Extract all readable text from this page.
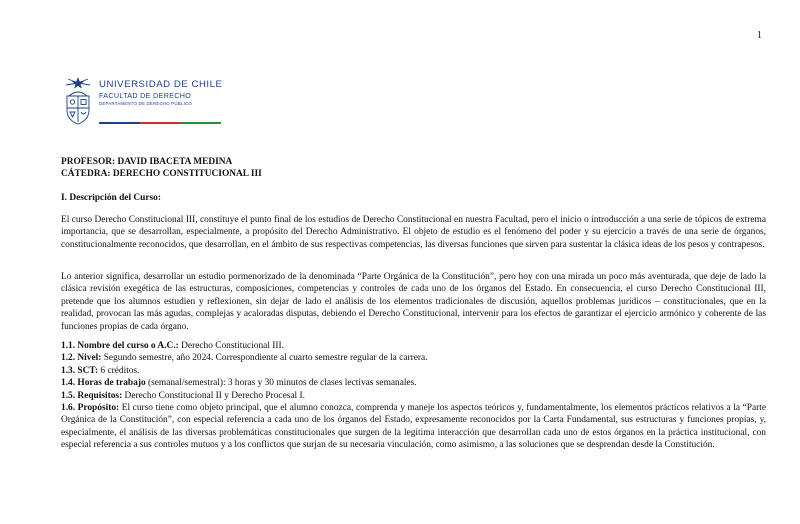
1
UNIVERSIDAD DE CHILE
FACULTAD DE DERECHO
DEPARTAMENTO DE DERECHO PÚBLICO
PROFESOR: DAVID IBACETA MEDINA
CÁTEDRA: DERECHO CONSTITUCIONAL III
I. Descripción del Curso:

El curso Derecho Constitucional III, constituye el punto final de los estudios de Derecho Constitucional en nuestra Facultad, pero el inicio o introducción a una serie de tópicos de extrema importancia, que se desarrollan, especialmente, a propósito del Derecho Administrativo. El objeto de estudio es el fenómeno del poder y su ejercicio a través de una serie de órganos, constitucionalmente reconocidos, que desarrollan, en el ámbito de sus respectivas competencias, las diversas funciones que sirven para sustentar la clásica ideas de los pesos y contrapesos.

Lo anterior significa, desarrollar un estudio pormenorizado de la denominada “Parte Orgánica de la Constitución”, pero hoy con una mirada un poco más aventurada, que deje de lado la clásica revisión exegética de las estructuras, composiciones, competencias y controles de cada uno de los órganos del Estado. En consecuencia, el curso Derecho Constitucional III, pretende que los alumnos estudien y reflexionen, sin dejar de lado el análisis de los elementos tradicionales de discusión, aquellos problemas jurídicos – constitucionales, que en la realidad, provocan las más agudas, complejas y acaloradas disputas, debiendo el Derecho Constitucional, intervenir para los efectos de garantizar el ejercicio armónico y coherente de las funciones propias de cada órgano.

1.1. Nombre del curso o A.C.: Derecho Constitucional III.

1.2. Nivel: Segundo semestre, año 2024. Correspondiente al cuarto semestre regular de la carrera.

1.3. SCT: 6 créditos.

1.4. Horas de trabajo (semanal/semestral): 3 horas y 30 minutos de clases lectivas semanales.

1.5. Requisitos: Derecho Constitucional II y Derecho Procesal I.

1.6. Propósito: El curso tiene como objeto principal, que el alumno conozca, comprenda y maneje los aspectos teóricos y, fundamentalmente, los elementos prácticos relativos a la “Parte Orgánica de la Constitución”, con especial referencia a cada uno de los órganos del Estado, expresamente reconocidos por la Carta Fundamental, sus estructuras y funciones propias, y, especialmente, el análisis de las diversas problemáticas constitucionales que surgen de la legítima interacción que desarrollan cada uno de estos órganos en la práctica institucional, con especial referencia a sus controles mutuos y a los conflictos que surjan de su necesaria vinculación, como asimismo, a las soluciones que se desprendan desde la Constitución.
